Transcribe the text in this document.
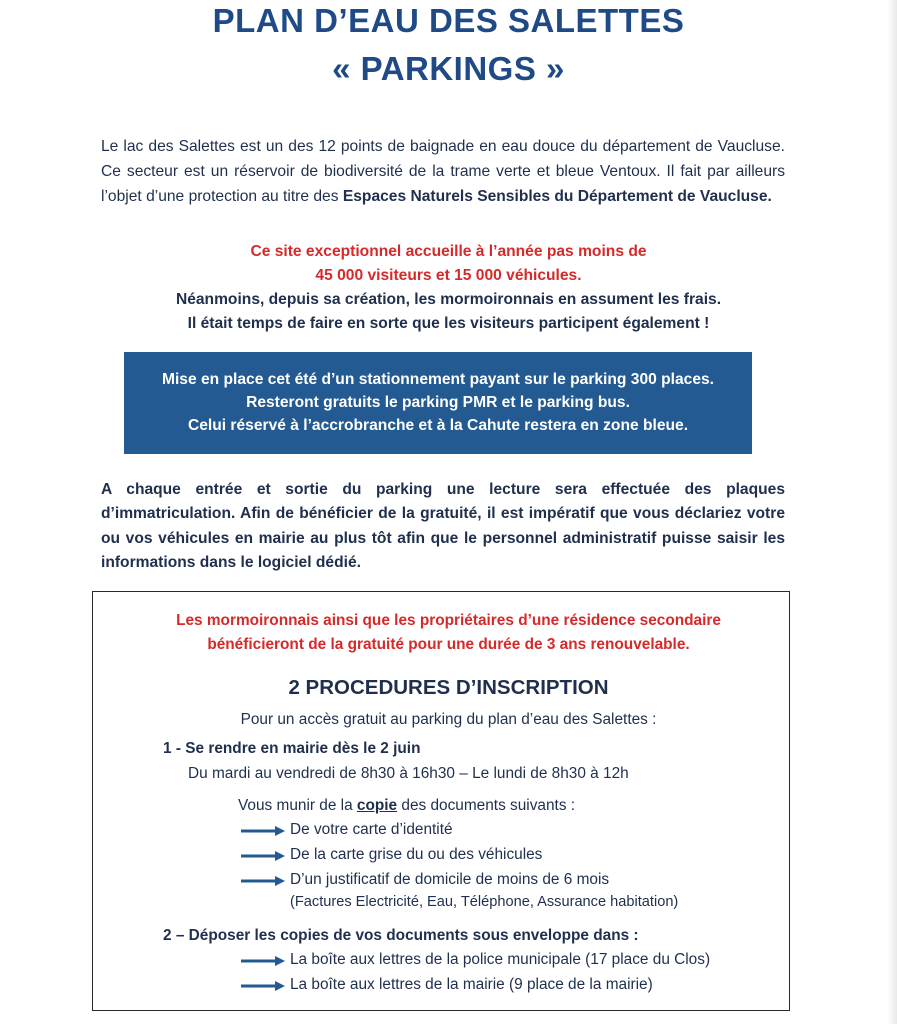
PLAN D’EAU DES SALETTES
« PARKINGS »

Le lac des Salettes est un des 12 points de baignade en eau douce du département de Vaucluse. Ce secteur est un réservoir de biodiversité de la trame verte et bleue Ventoux. Il fait par ailleurs l’objet d’une protection au titre des Espaces Naturels Sensibles du Département de Vaucluse.

Ce site exceptionnel accueille à l’année pas moins de
45 000 visiteurs et 15 000 véhicules.
Néanmoins, depuis sa création, les mormoironnais en assument les frais.
Il était temps de faire en sorte que les visiteurs participent également !
Mise en place cet été d’un stationnement payant sur le parking 300 places.
Resteront gratuits le parking PMR et le parking bus.
Celui réservé à l’accrobranche et à la Cahute restera en zone bleue.

A chaque entrée et sortie du parking une lecture sera effectuée des plaques d’immatriculation. Afin de bénéficier de la gratuité, il est impératif que vous déclariez votre ou vos véhicules en mairie au plus tôt afin que le personnel administratif puisse saisir les informations dans le logiciel dédié.

Les mormoironnais ainsi que les propriétaires d’une résidence secondaire
bénéficieront de la gratuité pour une durée de 3 ans renouvelable.
2 PROCEDURES D’INSCRIPTION
Pour un accès gratuit au parking du plan d’eau des Salettes :
1 - Se rendre en mairie dès le 2 juin
Du mardi au vendredi de 8h30 à 16h30 – Le lundi de 8h30 à 12h
Vous munir de la copie des documents suivants :
De votre carte d’identité
De la carte grise du ou des véhicules
D’un justificatif de domicile de moins de 6 mois
(Factures Electricité, Eau, Téléphone, Assurance habitation)
2 – Déposer les copies de vos documents sous enveloppe dans :
La boîte aux lettres de la police municipale (17 place du Clos)
La boîte aux lettres de la mairie (9 place de la mairie)
